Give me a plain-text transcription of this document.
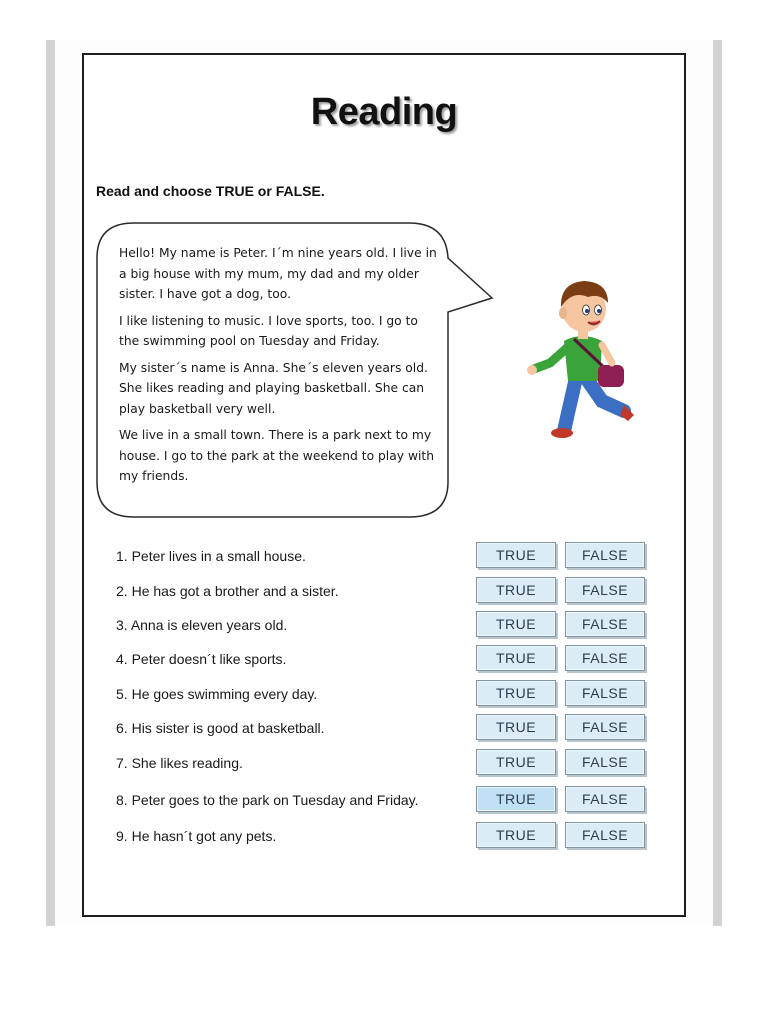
Reading
Read and choose TRUE or FALSE.

Hello! My name is Peter. I´m nine years old. I live in a big house with my mum, my dad and my older sister. I have got a dog, too.

I like listening to music. I love sports, too. I go to the swimming pool on Tuesday and Friday.

My sister´s name is Anna. She´s eleven years old. She likes reading and playing basketball. She can play basketball very well.

We live in a small town. There is a park next to my house. I go to the park at the weekend to play with my friends.

1. Peter lives in a small house.	TRUE	FALSE
2. He has got a brother and a sister.	TRUE	FALSE
3. Anna is eleven years old.	TRUE	FALSE
4. Peter doesn´t like sports.	TRUE	FALSE
5. He goes swimming every day.	TRUE	FALSE
6. His sister is good at basketball.	TRUE	FALSE
7. She likes reading.	TRUE	FALSE
8. Peter goes to the park on Tuesday and Friday.	TRUE	FALSE
9. He hasn´t got any pets.	TRUE	FALSE
